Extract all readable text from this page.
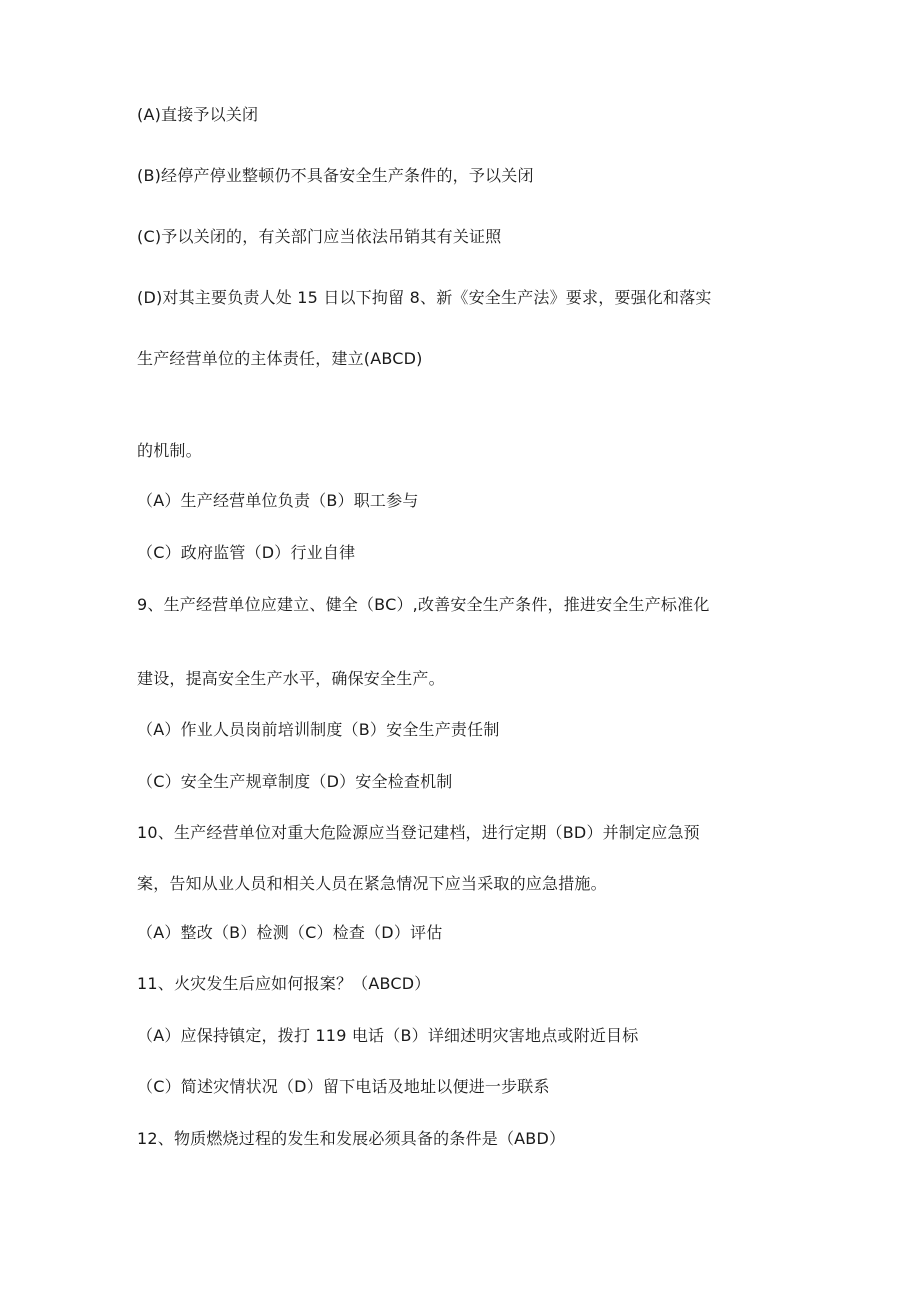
(A)直接予以关闭
(B)经停产停业整顿仍不具备安全生产条件的，予以关闭
(C)予以关闭的，有关部门应当依法吊销其有关证照
(D)对其主要负责人处 15 日以下拘留 8、新《安全生产法》要求，要强化和落实
生产经营单位的主体责任，建立(ABCD)
的机制。
（A）生产经营单位负责（B）职工参与
（C）政府监管（D）行业自律
9、生产经营单位应建立、健全（BC）,改善安全生产条件，推进安全生产标准化
建设，提高安全生产水平，确保安全生产。
（A）作业人员岗前培训制度（B）安全生产责任制
（C）安全生产规章制度（D）安全检查机制
10、生产经营单位对重大危险源应当登记建档，进行定期（BD）并制定应急预
案，告知从业人员和相关人员在紧急情况下应当采取的应急措施。
（A）整改（B）检测（C）检查（D）评估
11、火灾发生后应如何报案？（ABCD）
（A）应保持镇定，拨打 119 电话（B）详细述明灾害地点或附近目标
（C）简述灾情状况（D）留下电话及地址以便进一步联系
12、物质燃烧过程的发生和发展必须具备的条件是（ABD）
